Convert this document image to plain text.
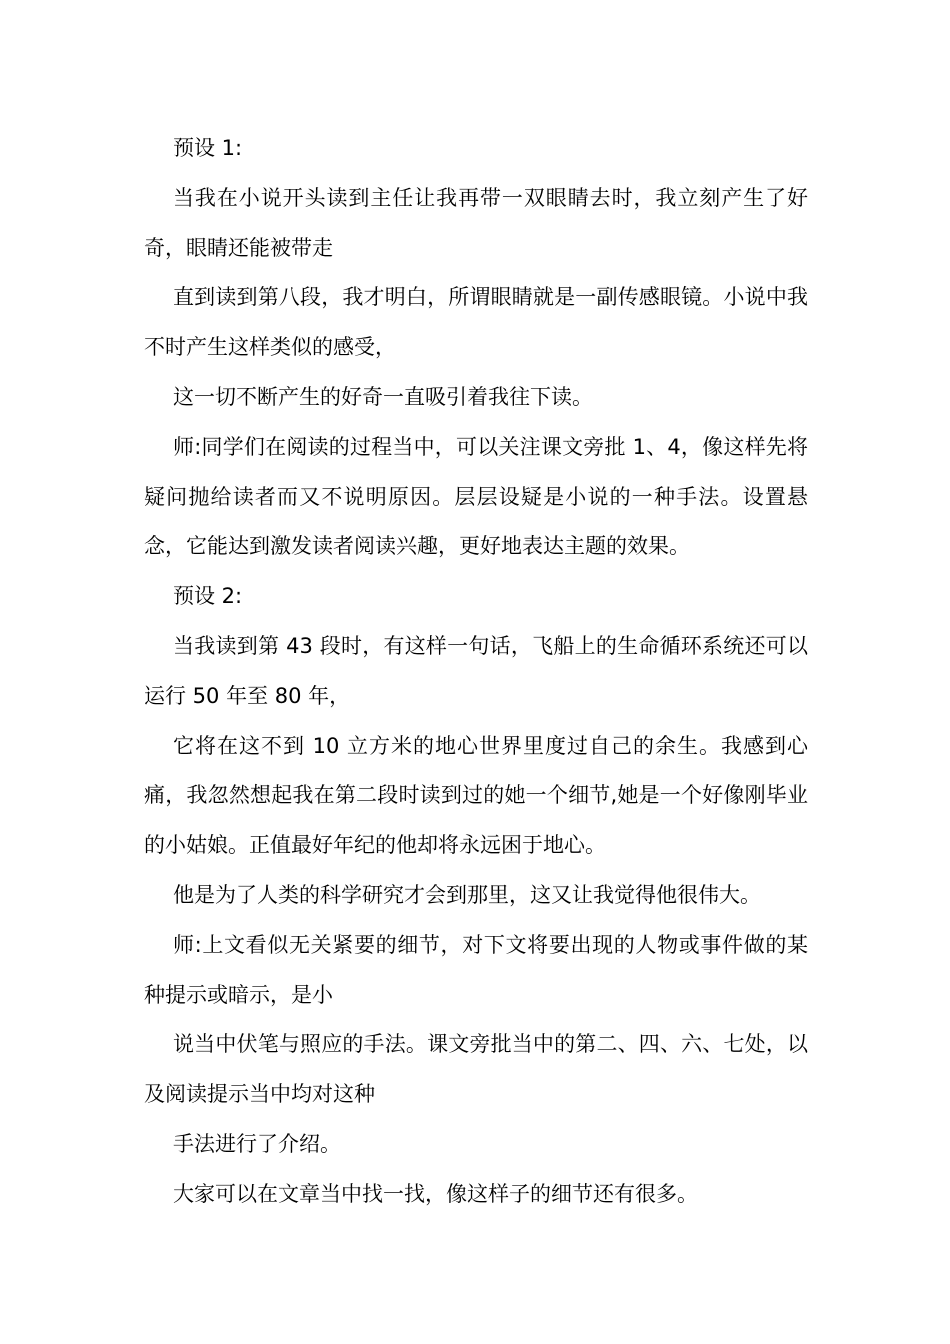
预设 1:

当我在小说开头读到主任让我再带一双眼睛去时，我立刻产生了好奇，眼睛还能被带走

直到读到第八段，我才明白，所谓眼睛就是一副传感眼镜。小说中我不时产生这样类似的感受，

这一切不断产生的好奇一直吸引着我往下读。

师:同学们在阅读的过程当中，可以关注课文旁批 1、4，像这样先将疑问抛给读者而又不说明原因。层层设疑是小说的一种手法。设置悬念，它能达到激发读者阅读兴趣，更好地表达主题的效果。

预设 2:

当我读到第 43 段时，有这样一句话，飞船上的生命循环系统还可以运行 50 年至 80 年，

它将在这不到 10 立方米的地心世界里度过自己的余生。我感到心痛，我忽然想起我在第二段时读到过的她一个细节,她是一个好像刚毕业的小姑娘。正值最好年纪的他却将永远困于地心。

他是为了人类的科学研究才会到那里，这又让我觉得他很伟大。

师:上文看似无关紧要的细节，对下文将要出现的人物或事件做的某种提示或暗示，是小

说当中伏笔与照应的手法。课文旁批当中的第二、四、六、七处，以及阅读提示当中均对这种

手法进行了介绍。

大家可以在文章当中找一找，像这样子的细节还有很多。
